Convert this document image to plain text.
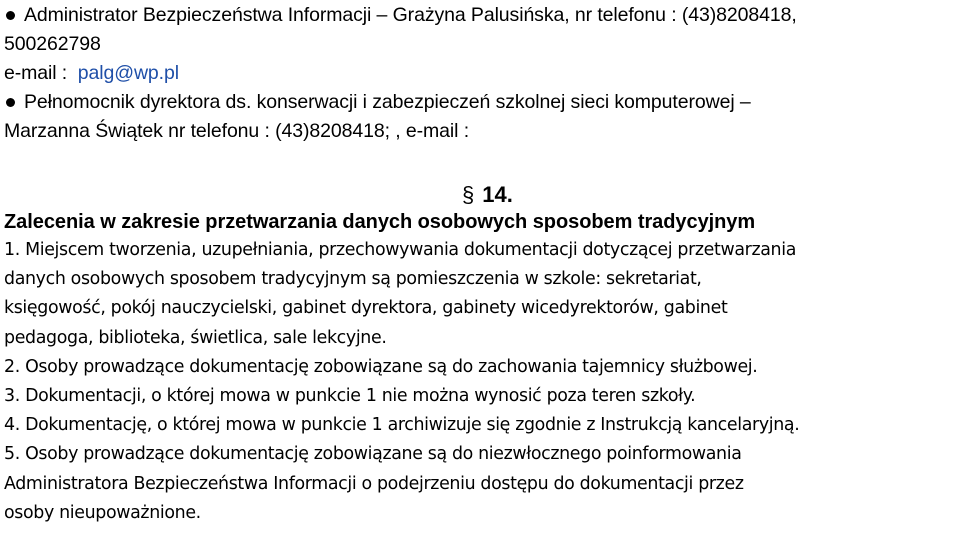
Administrator Bezpieczeństwa Informacji – Grażyna Palusińska, nr telefonu : (43)8208418,
500262798
e-mail :  palg@wp.pl
Pełnomocnik dyrektora ds. konserwacji i zabezpieczeń szkolnej sieci komputerowej –
Marzanna Świątek nr telefonu : (43)8208418; , e-mail :
§ 14.
Zalecenia w zakresie przetwarzania danych osobowych sposobem tradycyjnym
1. Miejscem tworzenia, uzupełniania, przechowywania dokumentacji dotyczącej przetwarzania
danych osobowych sposobem tradycyjnym są pomieszczenia w szkole: sekretariat,
księgowość, pokój nauczycielski, gabinet dyrektora, gabinety wicedyrektorów, gabinet
pedagoga, biblioteka, świetlica, sale lekcyjne.
2. Osoby prowadzące dokumentację zobowiązane są do zachowania tajemnicy służbowej.
3. Dokumentacji, o której mowa w punkcie 1 nie można wynosić poza teren szkoły.
4. Dokumentację, o której mowa w punkcie 1 archiwizuje się zgodnie z Instrukcją kancelaryjną.
5. Osoby prowadzące dokumentację zobowiązane są do niezwłocznego poinformowania
Administratora Bezpieczeństwa Informacji o podejrzeniu dostępu do dokumentacji przez
osoby nieupoważnione.
